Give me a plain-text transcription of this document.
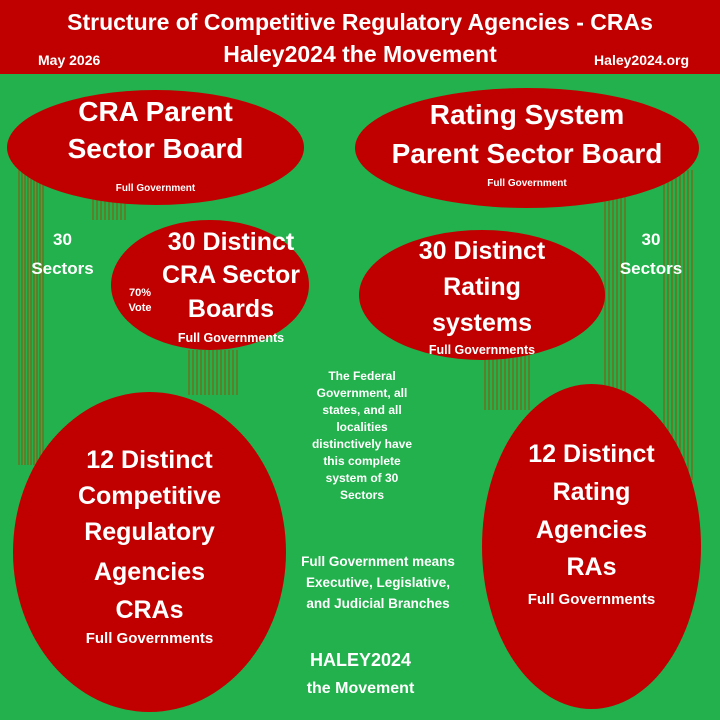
Structure of Competitive Regulatory Agencies - CRAs
Haley2024 the Movement
May 2026	Haley2024.org
CRA Parent
Sector Board
Full Government
Rating System
Parent Sector Board
Full Government
30 Distinct
CRA Sector
Boards
Full Governments
70%
Vote
30 Distinct
Rating
systems
Full Governments
12 Distinct
Competitive
Regulatory
Agencies
CRAs
Full Governments
12 Distinct
Rating
Agencies
RAs
Full Governments
30
Sectors
30
Sectors
The Federal
Government, all
states, and all
localities
distinctively have
this complete
system of 30
Sectors
Full Government means
Executive, Legislative,
and Judicial Branches
HALEY2024
the Movement
